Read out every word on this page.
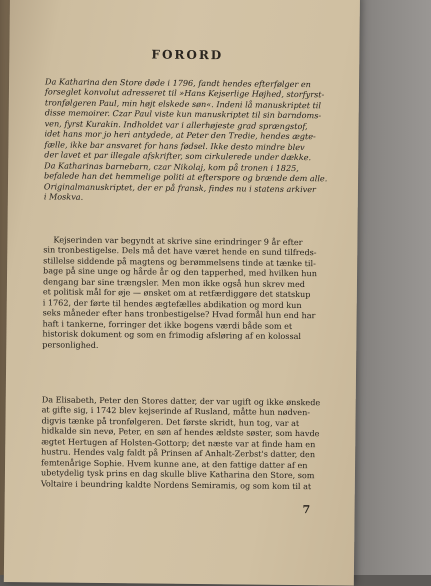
FORORD
Da Katharina den Store døde i 1796, fandt hendes efterfølger en
forseglet konvolut adresseret til »Hans Kejserlige Højhed, storfyrst-
tronfølgeren Paul, min højt elskede søn«. Indeni lå manuskriptet til
disse memoirer. Czar Paul viste kun manuskriptet til sin barndoms-
ven, fyrst Kurakin. Indholdet var i allerhøjeste grad sprængstof,
idet hans mor jo heri antydede, at Peter den Tredie, hendes ægte-
fælle, ikke bar ansvaret for hans fødsel. Ikke desto mindre blev
der lavet et par illegale afskrifter, som cirkulerede under dække.
Da Katharinas barnebarn, czar Nikolaj, kom på tronen i 1825,
befalede han det hemmelige politi at efterspore og brænde dem alle.
Originalmanuskriptet, der er på fransk, findes nu i statens arkiver
i Moskva.
Kejserinden var begyndt at skrive sine erindringer 9 år efter
sin tronbestigelse. Dels må det have været hende en sund tilfreds-
stillelse siddende på magtens og berømmelsens tinde at tænke til-
bage på sine unge og hårde år og den tapperhed, med hvilken hun
dengang bar sine trængsler. Men mon ikke også hun skrev med
et politisk mål for øje — ønsket om at retfærdiggøre det statskup
i 1762, der førte til hendes ægtefælles abdikation og mord kun
seks måneder efter hans tronbestigelse? Hvad formål hun end har
haft i tankerne, forringer det ikke bogens værdi både som et
historisk dokument og som en frimodig afsløring af en kolossal
personlighed.
Da Elisabeth, Peter den Stores datter, der var ugift og ikke ønskede
at gifte sig, i 1742 blev kejserinde af Rusland, måtte hun nødven-
digvis tænke på tronfølgeren. Det første skridt, hun tog, var at
hidkalde sin nevø, Peter, en søn af hendes ældste søster, som havde
ægtet Hertugen af Holsten-Gottorp; det næste var at finde ham en
hustru. Hendes valg faldt på Prinsen af Anhalt-Zerbst's datter, den
femtenårige Sophie. Hvem kunne ane, at den fattige datter af en
ubetydelig tysk prins en dag skulle blive Katharina den Store, som
Voltaire i beundring kaldte Nordens Semiramis, og som kom til at
7
